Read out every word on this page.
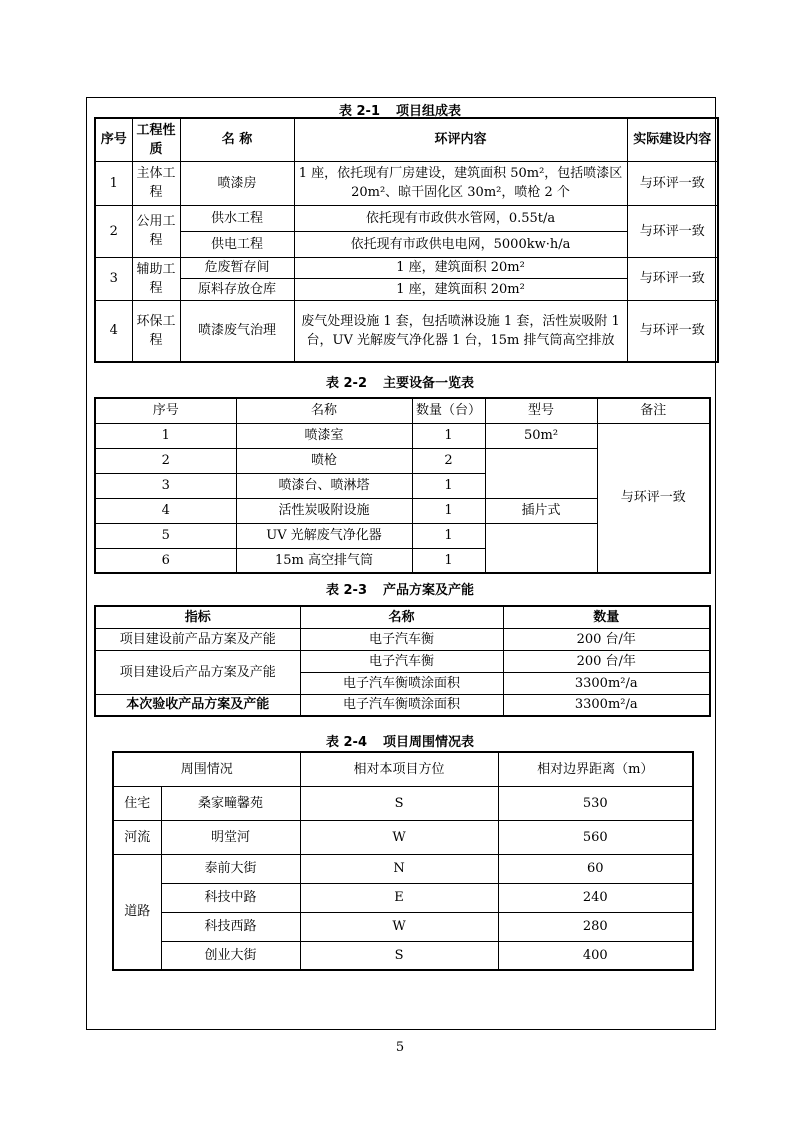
表 2-1 项目组成表
序号	工程性质	名 称	环评内容	实际建设内容
1	主体工程	喷漆房	1 座，依托现有厂房建设，建筑面积 50m²，包括喷漆区 20m²、晾干固化区 30m²，喷枪 2 个	与环评一致
2	公用工程	供水工程	依托现有市政供水管网，0.55t/a	与环评一致
		供电工程	依托现有市政供电电网，5000kw·h/a	
3	辅助工程	危废暂存间	1 座，建筑面积 20m²	与环评一致
		原料存放仓库	1 座，建筑面积 20m²	
4	环保工程	喷漆废气治理	废气处理设施 1 套，包括喷淋设施 1 套，活性炭吸附 1 台，UV 光解废气净化器 1 台，15m 排气筒高空排放	与环评一致
表 2-2 主要设备一览表
序号	名称	数量（台）	型号	备注
1	喷漆室	1	50m²	与环评一致
2	喷枪	2		
3	喷漆台、喷淋塔	1		
4	活性炭吸附设施	1	插片式	
5	UV 光解废气净化器	1		
6	15m 高空排气筒	1		
表 2-3 产品方案及产能
指标	名称	数量
项目建设前产品方案及产能	电子汽车衡	200 台/年
项目建设后产品方案及产能	电子汽车衡	200 台/年
	电子汽车衡喷涂面积	3300m²/a
本次验收产品方案及产能	电子汽车衡喷涂面积	3300m²/a
表 2-4 项目周围情况表
周围情况		相对本项目方位	相对边界距离（m）
住宅	桑家疃馨苑	S	530
河流	明堂河	W	560
道路	泰前大街	N	60
	科技中路	E	240
	科技西路	W	280
	创业大街	S	400
5
